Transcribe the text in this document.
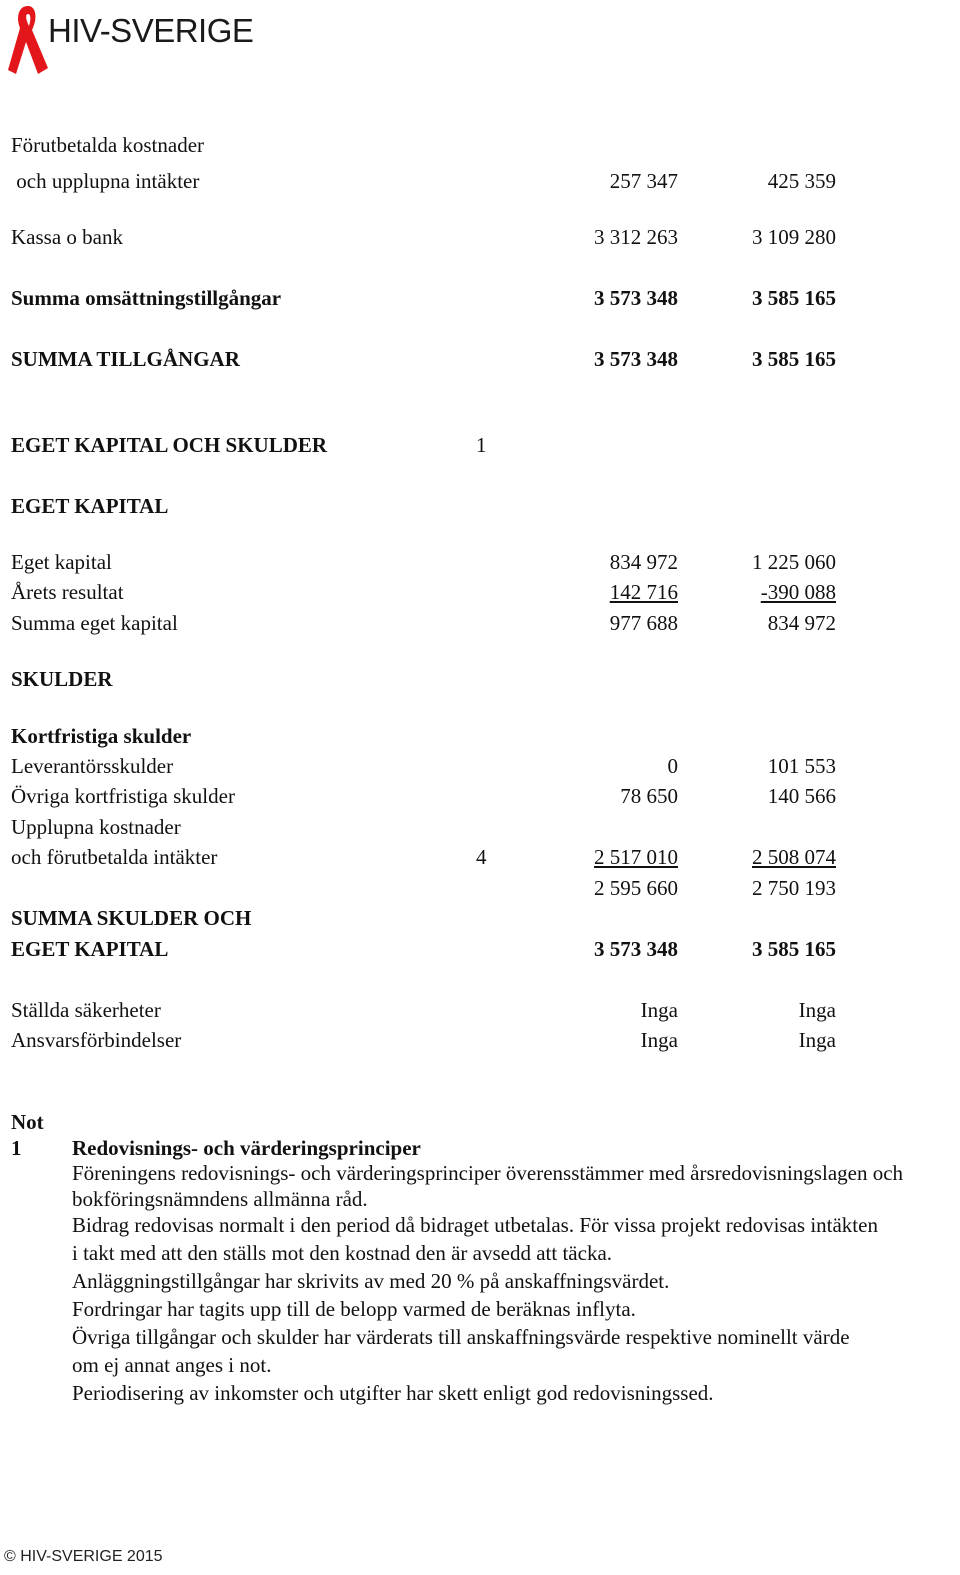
HIV-SVERIGE
Förutbetalda kostnader
och upplupna intäkter	257 347	425 359
Kassa o bank	3 312 263	3 109 280
Summa omsättningstillgångar	3 573 348	3 585 165
SUMMA TILLGÅNGAR	3 573 348	3 585 165
EGET KAPITAL OCH SKULDER	1
EGET KAPITAL
Eget kapital	834 972	1 225 060
Årets resultat	142 716	-390 088
Summa eget kapital	977 688	834 972
SKULDER
Kortfristiga skulder
Leverantörsskulder	0	101 553
Övriga kortfristiga skulder	78 650	140 566
Upplupna kostnader
och förutbetalda intäkter	4	2 517 010	2 508 074
2 595 660	2 750 193
SUMMA SKULDER OCH
EGET KAPITAL	3 573 348	3 585 165
Ställda säkerheter	Inga	Inga
Ansvarsförbindelser	Inga	Inga
Not
1 Redovisnings- och värderingsprinciper
Föreningens redovisnings- och värderingsprinciper överensstämmer med årsredovisningslagen och
bokföringsnämndens allmänna råd.
Bidrag redovisas normalt i den period då bidraget utbetalas. För vissa projekt redovisas intäkten
i takt med att den ställs mot den kostnad den är avsedd att täcka.
Anläggningstillgångar har skrivits av med 20 % på anskaffningsvärdet.
Fordringar har tagits upp till de belopp varmed de beräknas inflyta.
Övriga tillgångar och skulder har värderats till anskaffningsvärde respektive nominellt värde
om ej annat anges i not.
Periodisering av inkomster och utgifter har skett enligt god redovisningssed.
© HIV-SVERIGE 2015
